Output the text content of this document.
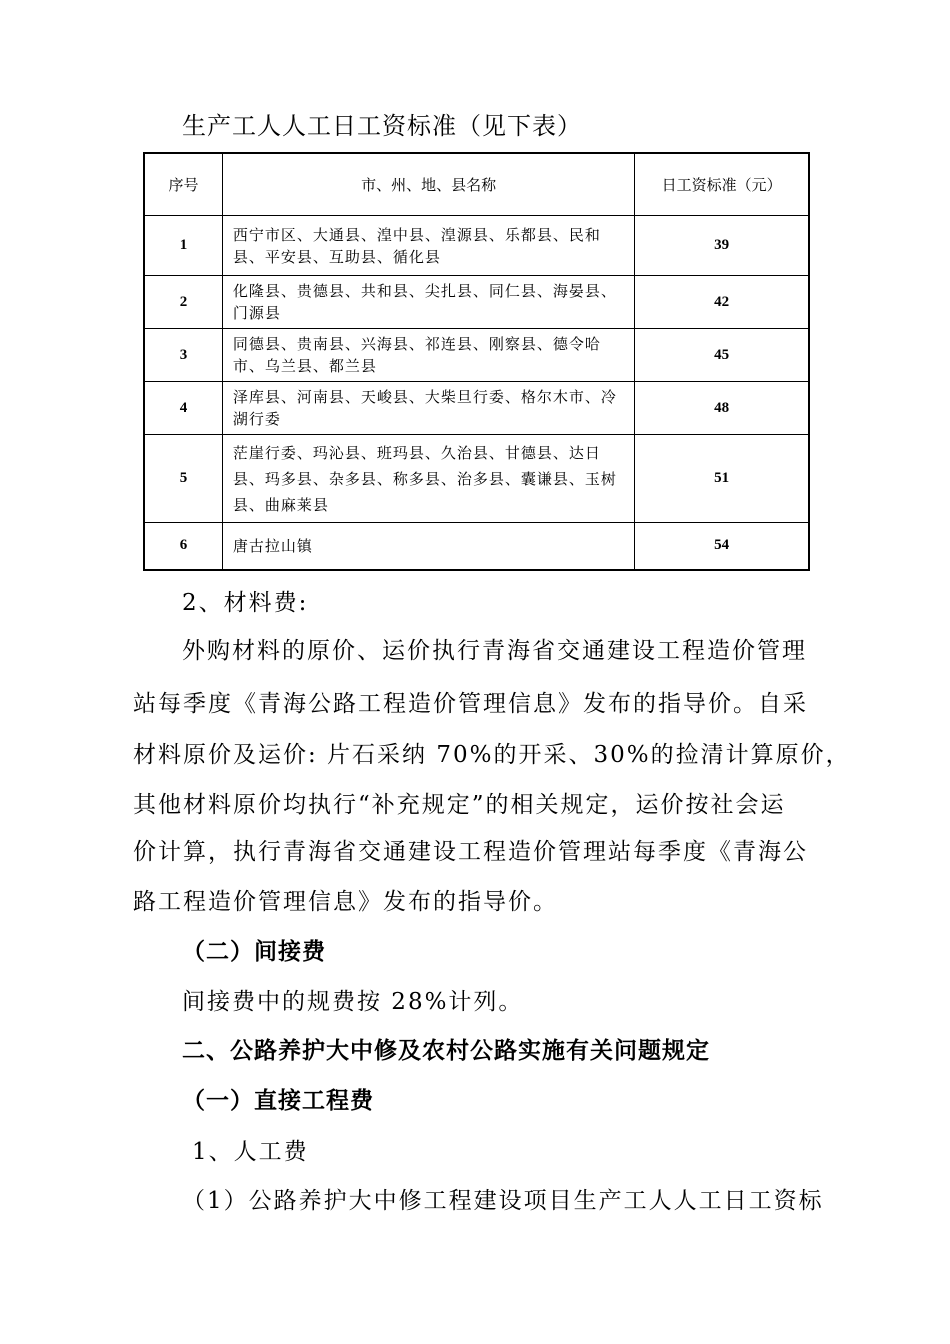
生产工人人工日工资标准（见下表）
序号	市、州、地、县名称	日工资标准（元）
1	西宁市区、大通县、湟中县、湟源县、乐都县、民和县、平安县、互助县、循化县	39
2	化隆县、贵德县、共和县、尖扎县、同仁县、海晏县、门源县	42
3	同德县、贵南县、兴海县、祁连县、刚察县、德令哈市、乌兰县、都兰县	45
4	泽库县、河南县、天峻县、大柴旦行委、格尔木市、冷湖行委	48
5	茫崖行委、玛沁县、班玛县、久治县、甘德县、达日县、玛多县、杂多县、称多县、治多县、囊谦县、玉树县、曲麻莱县	51
6	唐古拉山镇	54
2、材料费:
外购材料的原价、运价执行青海省交通建设工程造价管理
站每季度《青海公路工程造价管理信息》发布的指导价。自采
材料原价及运价: 片石采纳 70%的开采、30%的捡清计算原价，
其他材料原价均执行“补充规定”的相关规定，运价按社会运
价计算，执行青海省交通建设工程造价管理站每季度《青海公
路工程造价管理信息》发布的指导价。
（二）间接费
间接费中的规费按 28%计列。
二、公路养护大中修及农村公路实施有关问题规定
（一）直接工程费
1、人工费
（1）公路养护大中修工程建设项目生产工人人工日工资标
